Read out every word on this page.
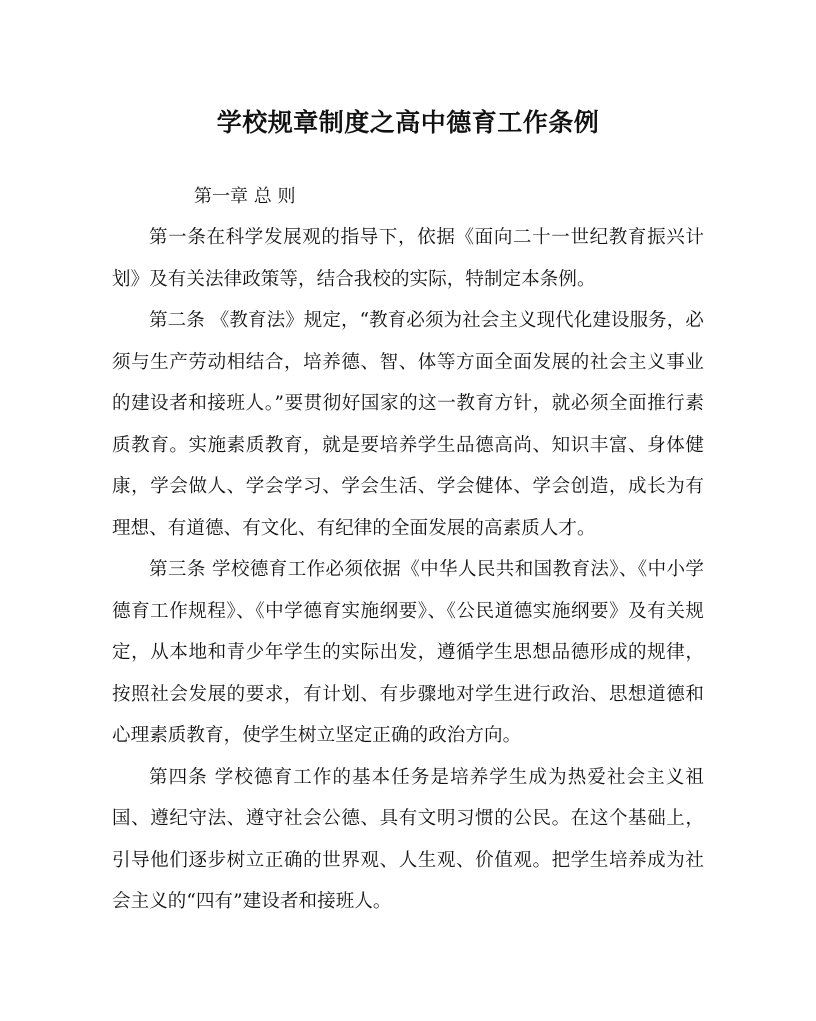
学校规章制度之高中德育工作条例

第一章 总 则

第一条在科学发展观的指导下，依据《面向二十一世纪教育振兴计划》及有关法律政策等，结合我校的实际，特制定本条例。

第二条 《教育法》规定，“教育必须为社会主义现代化建设服务，必须与生产劳动相结合，培养德、智、体等方面全面发展的社会主义事业的建设者和接班人。”要贯彻好国家的这一教育方针，就必须全面推行素质教育。实施素质教育，就是要培养学生品德高尚、知识丰富、身体健康，学会做人、学会学习、学会生活、学会健体、学会创造，成长为有理想、有道德、有文化、有纪律的全面发展的高素质人才。

第三条 学校德育工作必须依据《中华人民共和国教育法》、《中小学德育工作规程》、《中学德育实施纲要》、《公民道德实施纲要》及有关规定，从本地和青少年学生的实际出发，遵循学生思想品德形成的规律，按照社会发展的要求，有计划、有步骤地对学生进行政治、思想道德和心理素质教育，使学生树立坚定正确的政治方向。

第四条 学校德育工作的基本任务是培养学生成为热爱社会主义祖国、遵纪守法、遵守社会公德、具有文明习惯的公民。在这个基础上，引导他们逐步树立正确的世界观、人生观、价值观。把学生培养成为社会主义的“四有”建设者和接班人。
